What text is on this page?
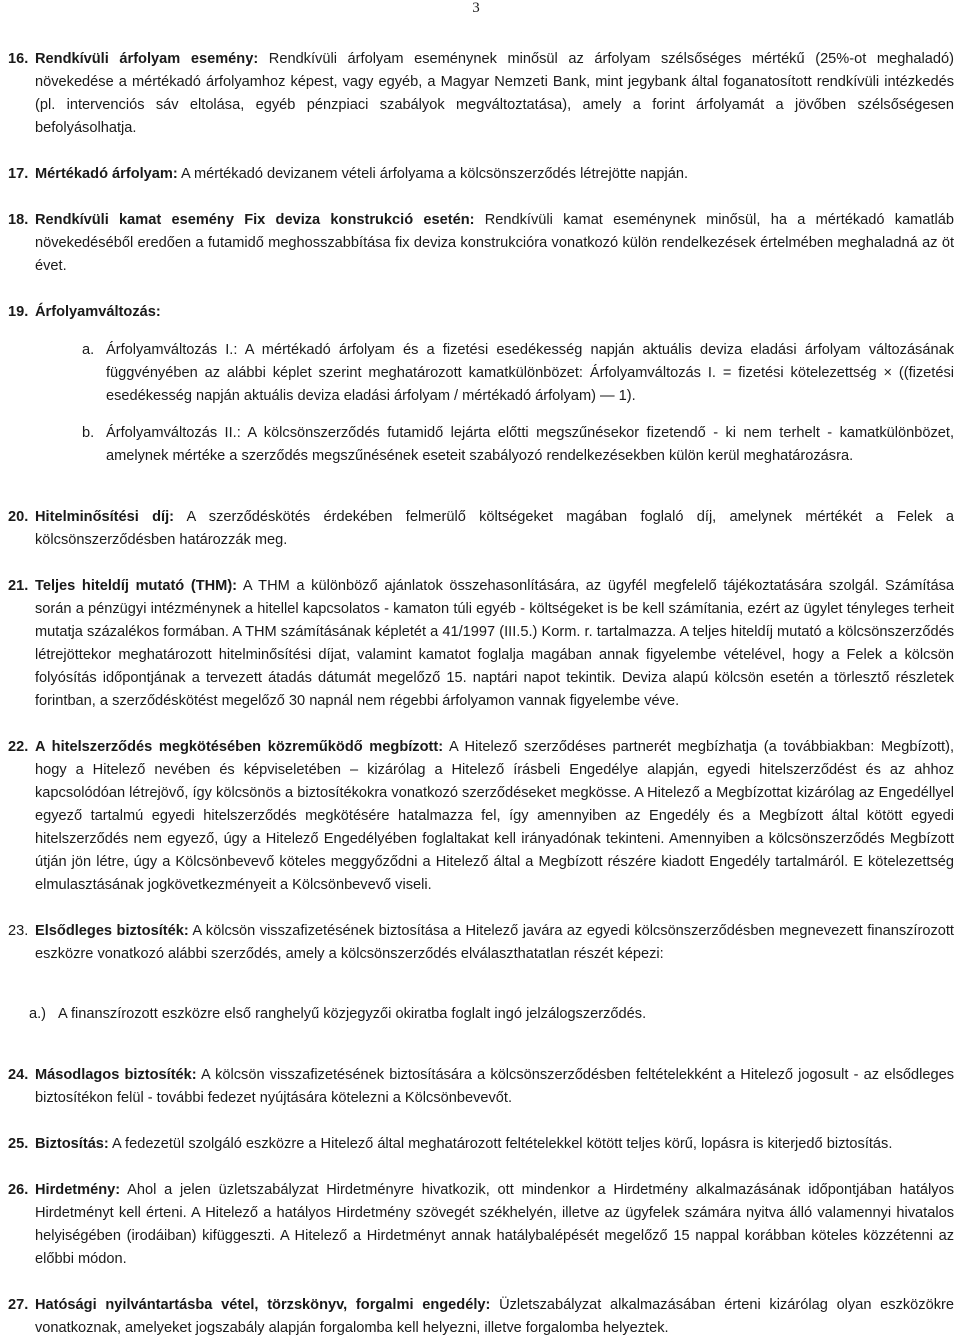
3

16. Rendkívüli árfolyam esemény: Rendkívüli árfolyam eseménynek minősül az árfolyam szélsőséges mértékű (25%-ot meghaladó) növekedése a mértékadó árfolyamhoz képest, vagy egyéb, a Magyar Nemzeti Bank, mint jegybank által foganatosított rendkívüli intézkedés (pl. intervenciós sáv eltolása, egyéb pénzpiaci szabályok megváltoztatása), amely a forint árfolyamát a jövőben szélsőségesen befolyásolhatja.

17. Mértékadó árfolyam: A mértékadó devizanem vételi árfolyama a kölcsönszerződés létrejötte napján.

18. Rendkívüli kamat esemény Fix deviza konstrukció esetén: Rendkívüli kamat eseménynek minősül, ha a mértékadó kamatláb növekedéséből eredően a futamidő meghosszabbítása fix deviza konstrukcióra vonatkozó külön rendelkezések értelmében meghaladná az öt évet.

19. Árfolyamváltozás:

a. Árfolyamváltozás I.: A mértékadó árfolyam és a fizetési esedékesség napján aktuális deviza eladási árfolyam változásának függvényében az alábbi képlet szerint meghatározott kamatkülönbözet: Árfolyamváltozás I. = fizetési kötelezettség × ((fizetési esedékesség napján aktuális deviza eladási árfolyam / mértékadó árfolyam) — 1).

b. Árfolyamváltozás II.: A kölcsönszerződés futamidő lejárta előtti megszűnésekor fizetendő - ki nem terhelt - kamatkülönbözet, amelynek mértéke a szerződés megszűnésének eseteit szabályozó rendelkezésekben külön kerül meghatározásra.

20. Hitelminősítési díj: A szerződéskötés érdekében felmerülő költségeket magában foglaló díj, amelynek mértékét a Felek a kölcsönszerződésben határozzák meg.

21. Teljes hiteldíj mutató (THM): A THM a különböző ajánlatok összehasonlítására, az ügyfél megfelelő tájékoztatására szolgál. Számítása során a pénzügyi intézménynek a hitellel kapcsolatos - kamaton túli egyéb - költségeket is be kell számítania, ezért az ügylet tényleges terheit mutatja százalékos formában. A THM számításának képletét a 41/1997 (III.5.) Korm. r. tartalmazza. A teljes hiteldíj mutató a kölcsönszerződés létrejöttekor meghatározott hitelminősítési díjat, valamint kamatot foglalja magában annak figyelembe vételével, hogy a Felek a kölcsön folyósítás időpontjának a tervezett átadás dátumát megelőző 15. naptári napot tekintik. Deviza alapú kölcsön esetén a törlesztő részletek forintban, a szerződéskötést megelőző 30 napnál nem régebbi árfolyamon vannak figyelembe véve.

22. A hitelszerződés megkötésében közreműködő megbízott: A Hitelező szerződéses partnerét megbízhatja (a továbbiakban: Megbízott), hogy a Hitelező nevében és képviseletében – kizárólag a Hitelező írásbeli Engedélye alapján, egyedi hitelszerződést és az ahhoz kapcsolódóan létrejövő, így kölcsönös a biztosítékokra vonatkozó szerződéseket megkösse. A Hitelező a Megbízottat kizárólag az Engedéllyel egyező tartalmú egyedi hitelszerződés megkötésére hatalmazza fel, így amennyiben az Engedély és a Megbízott által kötött egyedi hitelszerződés nem egyező, úgy a Hitelező Engedélyében foglaltakat kell irányadónak tekinteni. Amennyiben a kölcsönszerződés Megbízott útján jön létre, úgy a Kölcsönbevevő köteles meggyőződni a Hitelező által a Megbízott részére kiadott Engedély tartalmáról. E kötelezettség elmulasztásának jogkövetkezményeit a Kölcsönbevevő viseli.

23. Elsődleges biztosíték: A kölcsön visszafizetésének biztosítása a Hitelező javára az egyedi kölcsönszerződésben megnevezett finanszírozott eszközre vonatkozó alábbi szerződés, amely a kölcsönszerződés elválaszthatatlan részét képezi:

a.) A finanszírozott eszközre első ranghelyű közjegyzői okiratba foglalt ingó jelzálogszerződés.

24. Másodlagos biztosíték: A kölcsön visszafizetésének biztosítására a kölcsönszerződésben feltételekként a Hitelező jogosult - az elsődleges biztosítékon felül - további fedezet nyújtására kötelezni a Kölcsönbevevőt.

25. Biztosítás: A fedezetül szolgáló eszközre a Hitelező által meghatározott feltételekkel kötött teljes körű, lopásra is kiterjedő biztosítás.

26. Hirdetmény: Ahol a jelen üzletszabályzat Hirdetményre hivatkozik, ott mindenkor a Hirdetmény alkalmazásának időpontjában hatályos Hirdetményt kell érteni. A Hitelező a hatályos Hirdetmény szövegét székhelyén, illetve az ügyfelek számára nyitva álló valamennyi hivatalos helyiségében (irodáiban) kifüggeszti. A Hitelező a Hirdetményt annak hatálybalépését megelőző 15 nappal korábban köteles közzétenni az előbbi módon.

27. Hatósági nyilvántartásba vétel, törzskönyv, forgalmi engedély: Üzletszabályzat alkalmazásában érteni kizárólag olyan eszközökre vonatkoznak, amelyeket jogszabály alapján forgalomba kell helyezni, illetve forgalomba helyeztek.
